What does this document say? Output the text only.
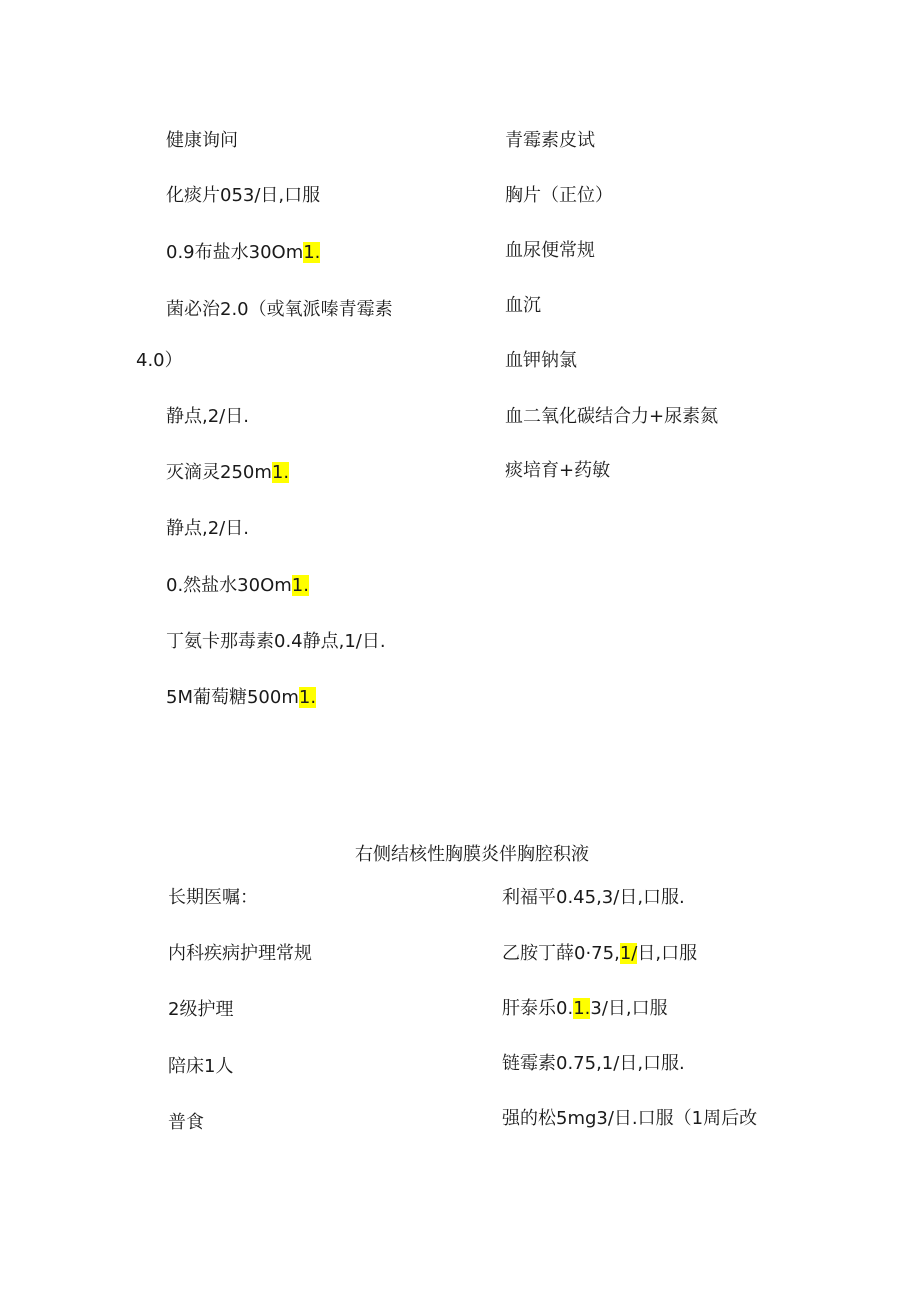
健康询问
化痰片053/日,口服
0.9布盐水30Om1.
菌必治2.0（或氧派嗪青霉素
4.0）
静点,2/日.
灭滴灵250m1.
静点,2/日.
0.然盐水30Om1.
丁氨卡那毒素0.4静点,1/日.
5M葡萄糖500m1.
青霉素皮试
胸片（正位）
血尿便常规
血沉
血钾钠氯
血二氧化碳结合力+尿素氮
痰培育+药敏
右侧结核性胸膜炎伴胸腔积液
长期医嘱：
内科疾病护理常规
2级护理
陪床1人
普食
利福平0.45,3/日,口服.
乙胺丁薛0·75,1/日,口服
肝泰乐0.1.3/日,口服
链霉素0.75,1/日,口服.
强的松5mg3/日.口服（1周后改
